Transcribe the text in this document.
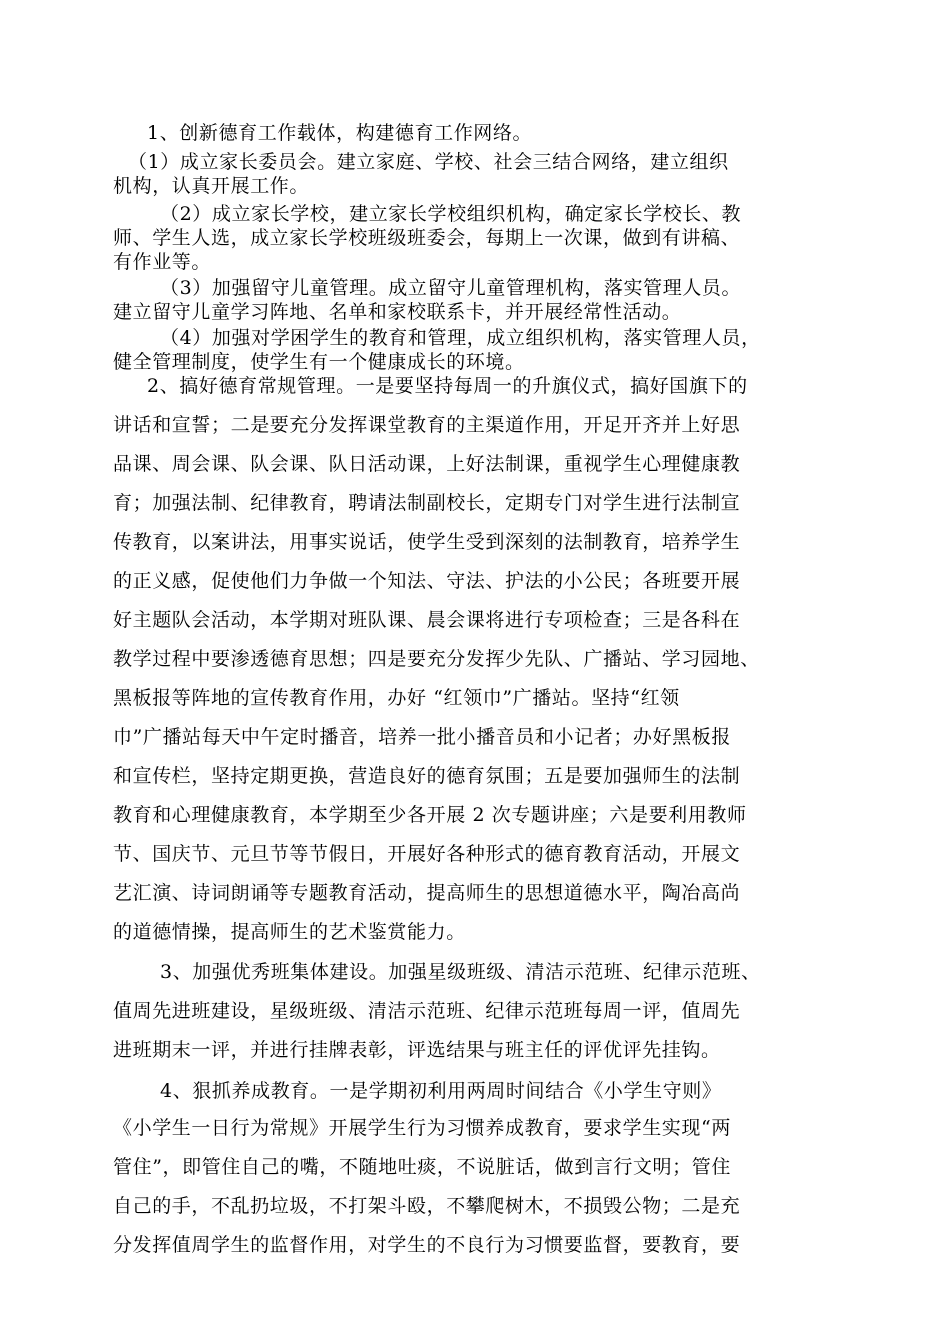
1、创新德育工作载体，构建德育工作网络。
（1）成立家长委员会。建立家庭、学校、社会三结合网络，建立组织
机构，认真开展工作。
（2）成立家长学校，建立家长学校组织机构，确定家长学校长、教
师、学生人选，成立家长学校班级班委会，每期上一次课，做到有讲稿、
有作业等。
（3）加强留守儿童管理。成立留守儿童管理机构，落实管理人员。
建立留守儿童学习阵地、名单和家校联系卡，并开展经常性活动。
（4）加强对学困学生的教育和管理，成立组织机构，落实管理人员，
健全管理制度，使学生有一个健康成长的环境。
2、搞好德育常规管理。一是要坚持每周一的升旗仪式，搞好国旗下的
讲话和宣誓；二是要充分发挥课堂教育的主渠道作用，开足开齐并上好思
品课、周会课、队会课、队日活动课，上好法制课，重视学生心理健康教
育；加强法制、纪律教育，聘请法制副校长，定期专门对学生进行法制宣
传教育，以案讲法，用事实说话，使学生受到深刻的法制教育，培养学生
的正义感，促使他们力争做一个知法、守法、护法的小公民；各班要开展
好主题队会活动，本学期对班队课、晨会课将进行专项检查；三是各科在
教学过程中要渗透德育思想；四是要充分发挥少先队、广播站、学习园地、
黑板报等阵地的宣传教育作用，办好 “红领巾”广播站。坚持“红领
巾”广播站每天中午定时播音，培养一批小播音员和小记者；办好黑板报
和宣传栏，坚持定期更换，营造良好的德育氛围；五是要加强师生的法制
教育和心理健康教育，本学期至少各开展 2 次专题讲座；六是要利用教师
节、国庆节、元旦节等节假日，开展好各种形式的德育教育活动，开展文
艺汇演、诗词朗诵等专题教育活动，提高师生的思想道德水平，陶冶高尚
的道德情操，提高师生的艺术鉴赏能力。
3、加强优秀班集体建设。加强星级班级、清洁示范班、纪律示范班、
值周先进班建设，星级班级、清洁示范班、纪律示范班每周一评，值周先
进班期末一评，并进行挂牌表彰，评选结果与班主任的评优评先挂钩。
4、狠抓养成教育。一是学期初利用两周时间结合《小学生守则》
《小学生一日行为常规》开展学生行为习惯养成教育，要求学生实现“两
管住”，即管住自己的嘴，不随地吐痰，不说脏话，做到言行文明；管住
自己的手，不乱扔垃圾，不打架斗殴，不攀爬树木，不损毁公物；二是充
分发挥值周学生的监督作用，对学生的不良行为习惯要监督，要教育，要
